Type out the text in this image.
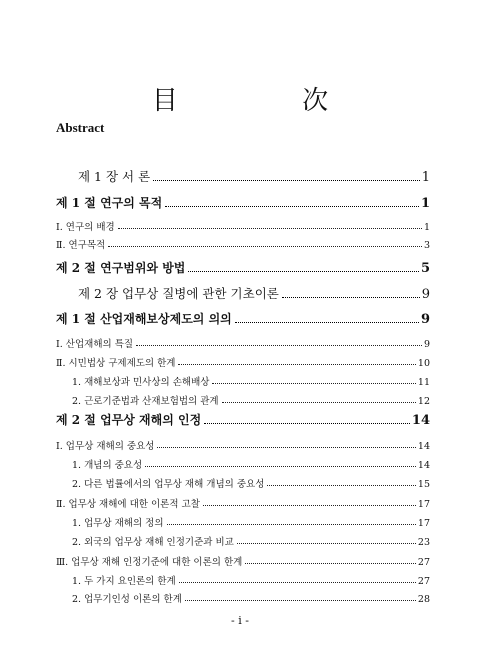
目 次
Abstract
제 1 장 서 론	1
제 1 절 연구의 목적	1
Ⅰ. 연구의 배경	1
Ⅱ. 연구목적	3
제 2 절 연구범위와 방법	5
제 2 장 업무상 질병에 관한 기초이론	9
제 1 절 산업재해보상제도의 의의	9
Ⅰ. 산업재해의 특질	9
Ⅱ. 시민법상 구제제도의 한계	10
1. 재해보상과 민사상의 손해배상	11
2. 근로기준법과 산재보험법의 관계	12
제 2 절 업무상 재해의 인정	14
Ⅰ. 업무상 재해의 중요성	14
1. 개념의 중요성	14
2. 다른 법률에서의 업무상 재해 개념의 중요성	15
Ⅱ. 업무상 재해에 대한 이론적 고찰	17
1. 업무상 재해의 정의	17
2. 외국의 업무상 재해 인정기준과 비교	23
Ⅲ. 업무상 재해 인정기준에 대한 이론의 한계	27
1. 두 가지 요인론의 한계	27
2. 업무기인성 이론의 한계	28
- i -
